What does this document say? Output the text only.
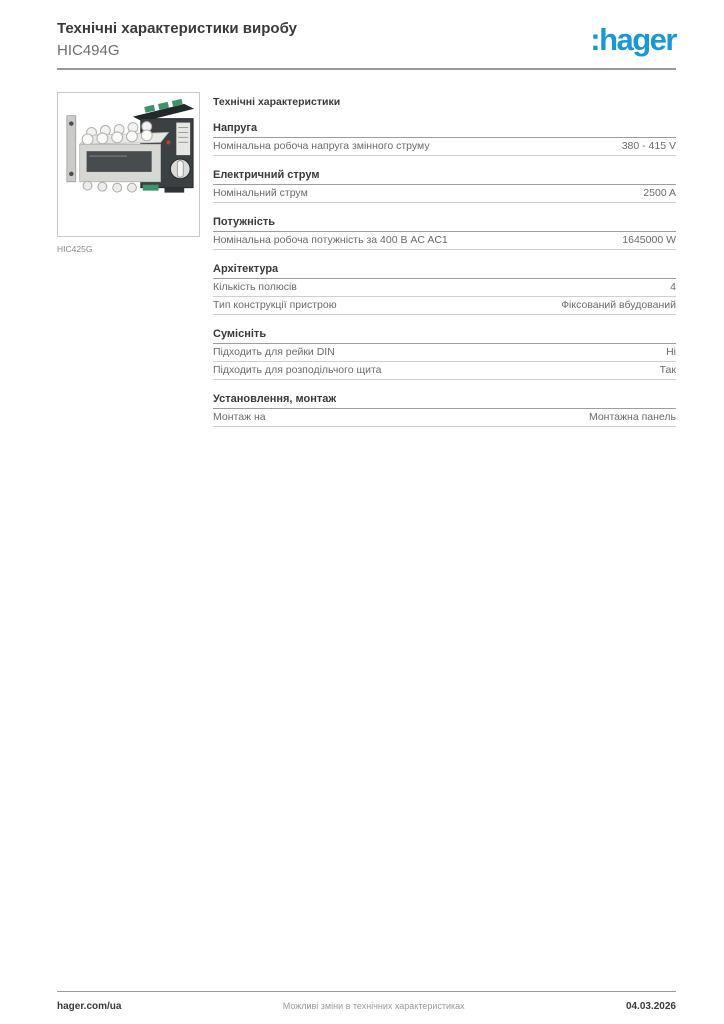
Технічні характеристики виробу
HIC494G	:hager
HIC425G
Технічні характеристики
Напруга
Номінальна робоча напруга змінного струму	380 - 415 V
Електричний струм
Номінальний струм	2500 A
Потужність
Номінальна робоча потужність за 400 В AC AC1	1645000 W
Архітектура
Кількість полюсів	4
Тип конструкції пристрою	Фіксований вбудований
Сумісніть
Підходить для рейки DIN	Ні
Підходить для розподільчого щита	Так
Установлення, монтаж
Монтаж на	Монтажна панель
hager.com/ua	Можливі зміни в технічних характеристиках	04.03.2026
